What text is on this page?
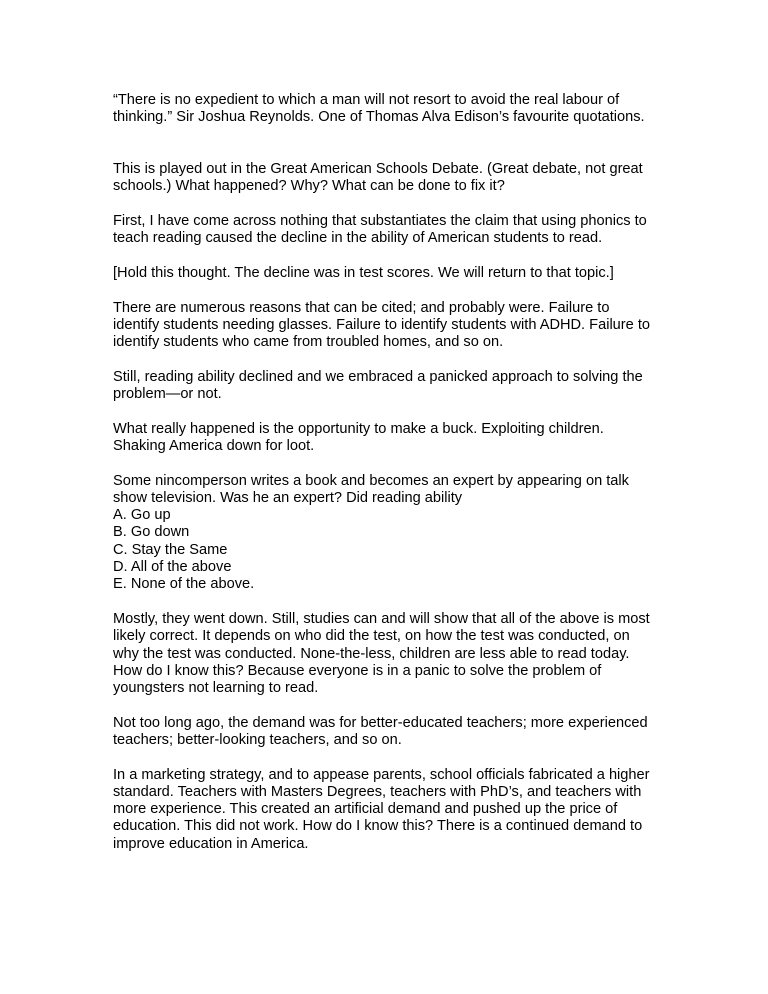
“There is no expedient to which a man will not resort to avoid the real labour of thinking.” Sir Joshua Reynolds. One of Thomas Alva Edison’s favourite quotations.

This is played out in the Great American Schools Debate. (Great debate, not great schools.) What happened? Why? What can be done to fix it?

First, I have come across nothing that substantiates the claim that using phonics to teach reading caused the decline in the ability of American students to read.

[Hold this thought. The decline was in test scores. We will return to that topic.]

There are numerous reasons that can be cited; and probably were. Failure to identify students needing glasses. Failure to identify students with ADHD. Failure to identify students who came from troubled homes, and so on.

Still, reading ability declined and we embraced a panicked approach to solving the problem—or not.

What really happened is the opportunity to make a buck. Exploiting children. Shaking America down for loot.

Some nincomperson writes a book and becomes an expert by appearing on talk show television. Was he an expert? Did reading ability
A. Go up
B. Go down
C. Stay the Same
D. All of the above
E. None of the above.

Mostly, they went down. Still, studies can and will show that all of the above is most likely correct. It depends on who did the test, on how the test was conducted, on why the test was conducted. None-the-less, children are less able to read today. How do I know this? Because everyone is in a panic to solve the problem of youngsters not learning to read.

Not too long ago, the demand was for better-educated teachers; more experienced teachers; better-looking teachers, and so on.

In a marketing strategy, and to appease parents, school officials fabricated a higher standard. Teachers with Masters Degrees, teachers with PhD’s, and teachers with more experience. This created an artificial demand and pushed up the price of education. This did not work. How do I know this? There is a continued demand to improve education in America.
